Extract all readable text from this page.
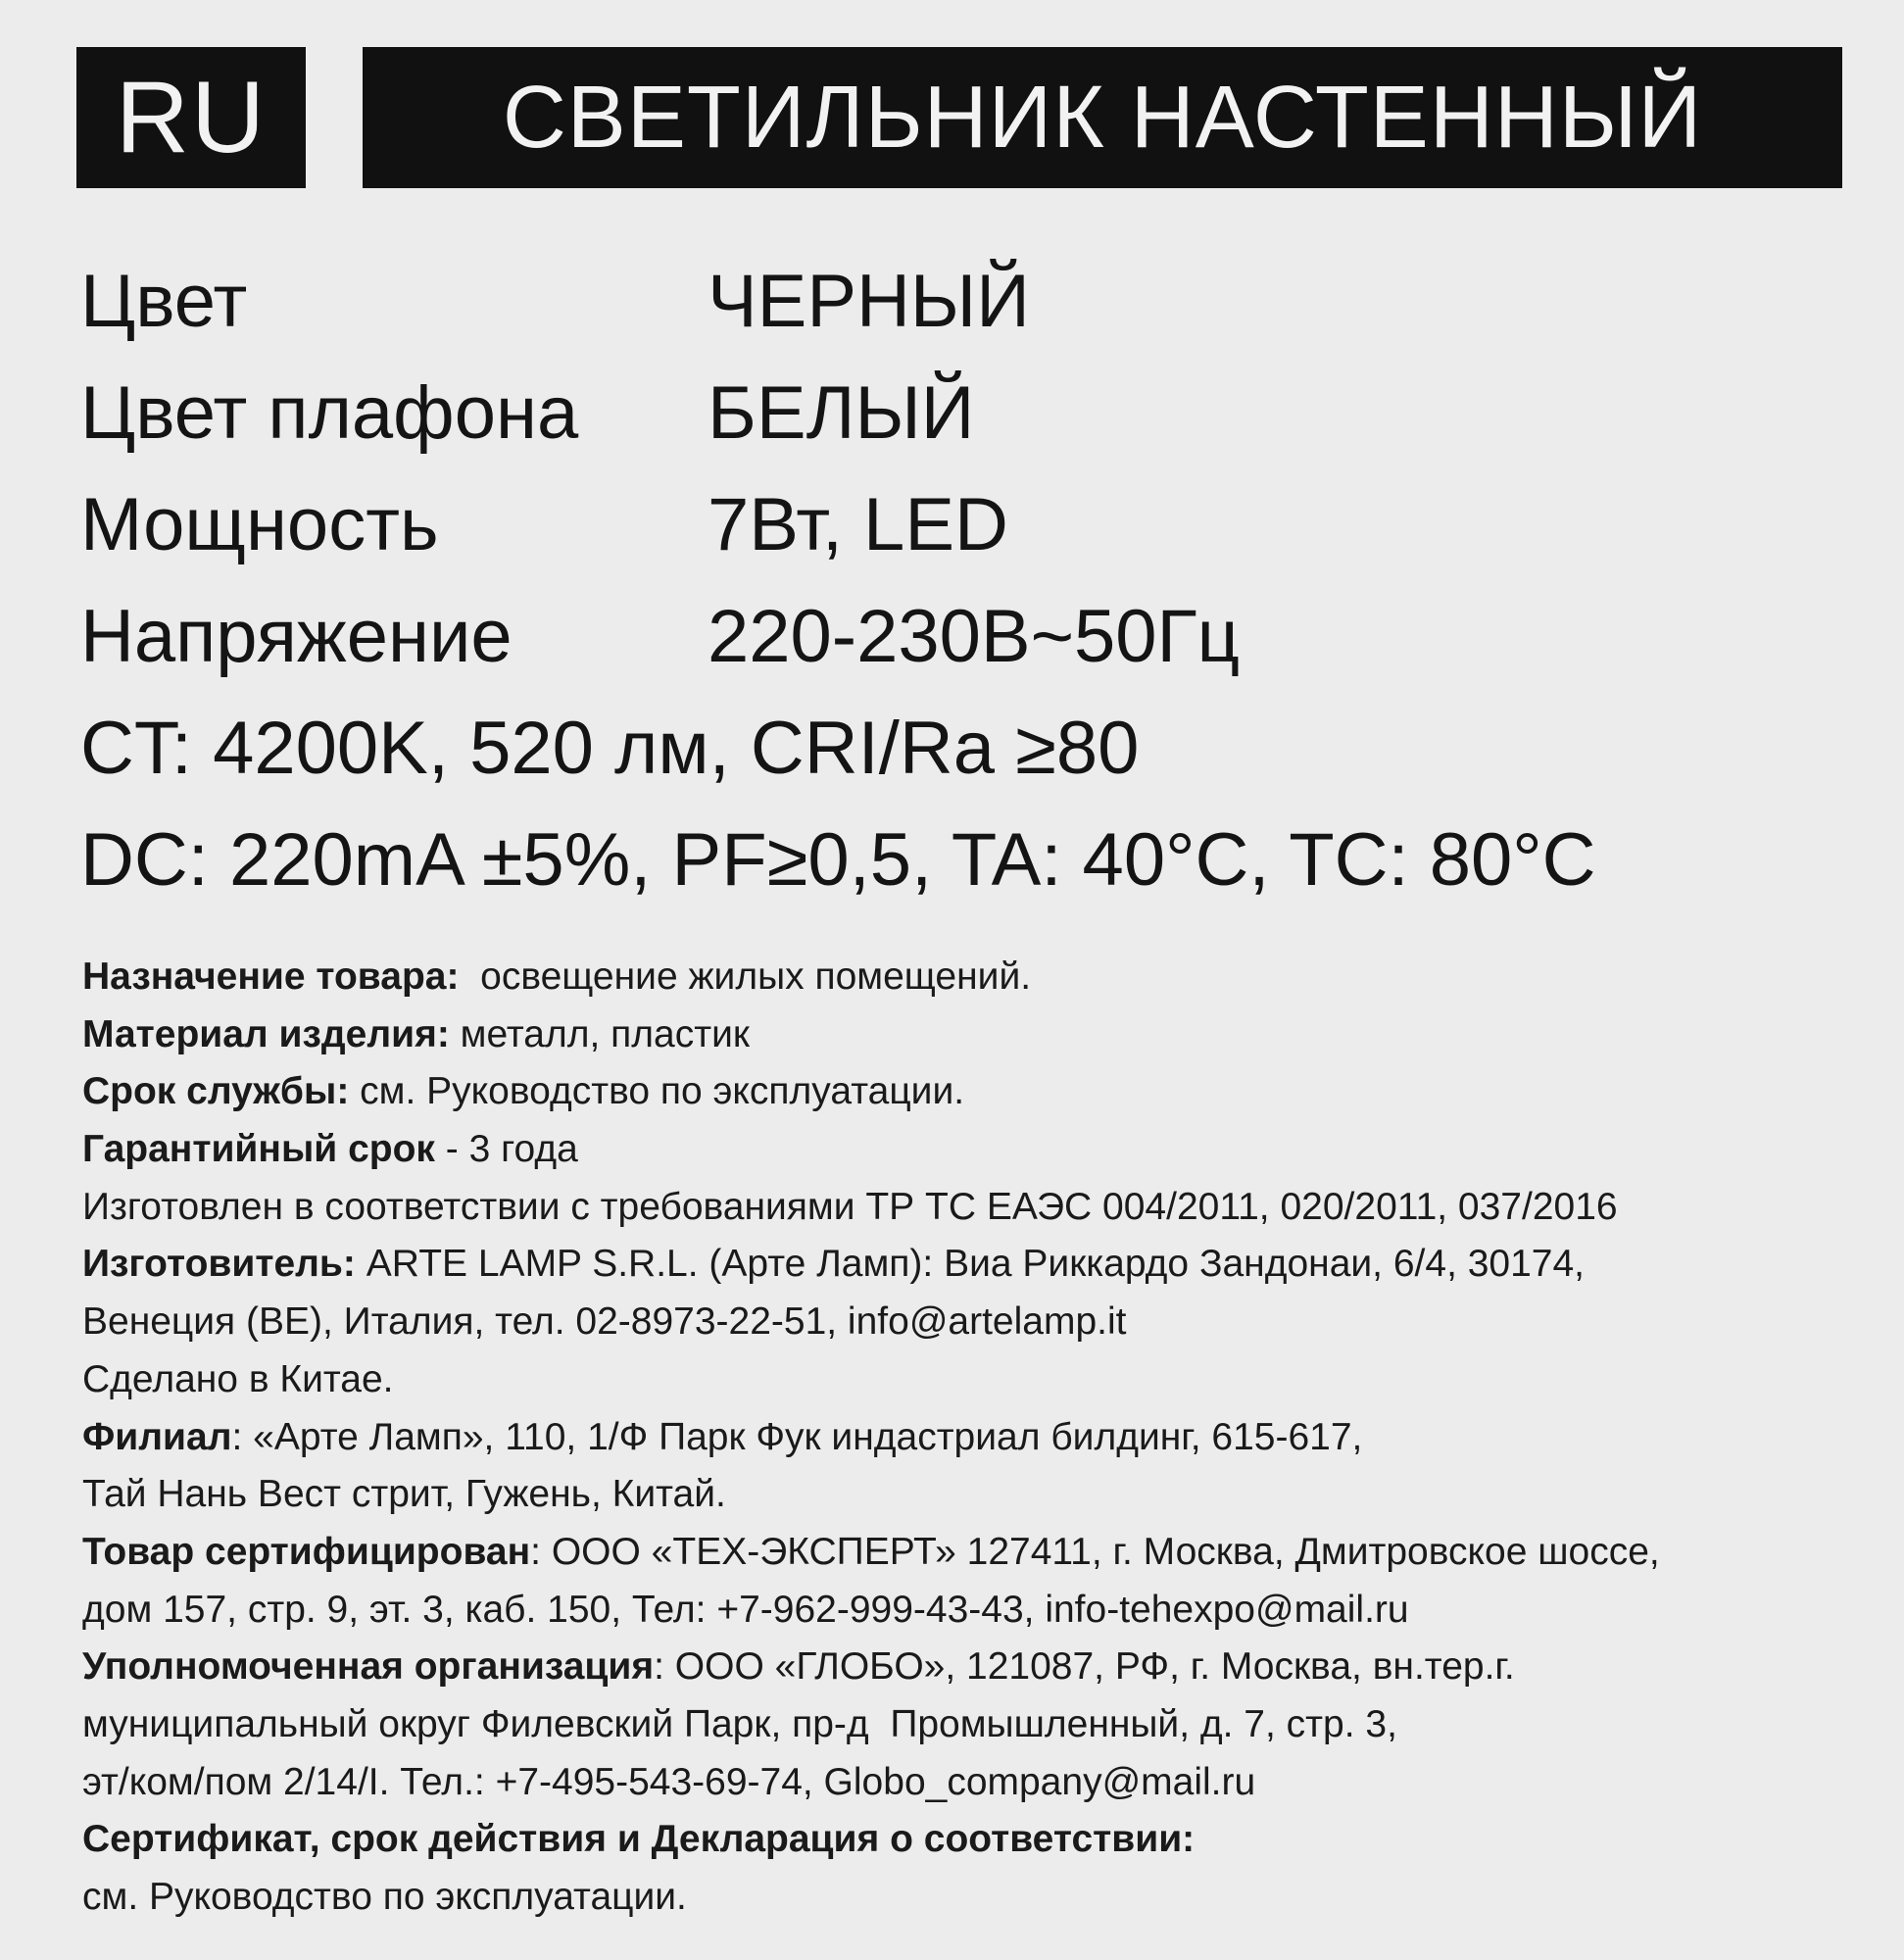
RU	СВЕТИЛЬНИК НАСТЕННЫЙ
Цвет	ЧЕРНЫЙ
Цвет плафона	БЕЛЫЙ
Мощность	7Вт, LED
Напряжение	220-230В~50Гц
CT: 4200K, 520 лм, CRI/Ra ≥80
DC: 220mA ±5%, PF≥0,5, TA: 40°C, TC: 80°C
Назначение товара:  освещение жилых помещений.
Материал изделия: металл, пластик
Срок службы: см. Руководство по эксплуатации.
Гарантийный срок - 3 года
Изготовлен в соответствии с требованиями ТР ТС ЕАЭС 004/2011, 020/2011, 037/2016
Изготовитель: ARTE LAMP S.R.L. (Арте Ламп): Виа Риккардо Зандонаи, 6/4, 30174,
Венеция (ВЕ), Италия, тел. 02-8973-22-51, info@artelamp.it
Сделано в Китае.
Филиал: «Арте Ламп», 110, 1/Ф Парк Фук индастриал билдинг, 615-617,
Тай Нань Вест стрит, Гужень, Китай.
Товар сертифицирован: ООО «ТЕХ-ЭКСПЕРТ» 127411, г. Москва, Дмитровское шоссе,
дом 157, стр. 9, эт. 3, каб. 150, Тел: +7-962-999-43-43, info-tehexpo@mail.ru
Уполномоченная организация: ООО «ГЛОБО», 121087, РФ, г. Москва, вн.тер.г.
муниципальный округ Филевский Парк, пр-д  Промышленный, д. 7, стр. 3,
эт/ком/пом 2/14/I. Тел.: +7-495-543-69-74, Globo_company@mail.ru
Сертификат, срок действия и Декларация о соответствии:
см. Руководство по эксплуатации.
